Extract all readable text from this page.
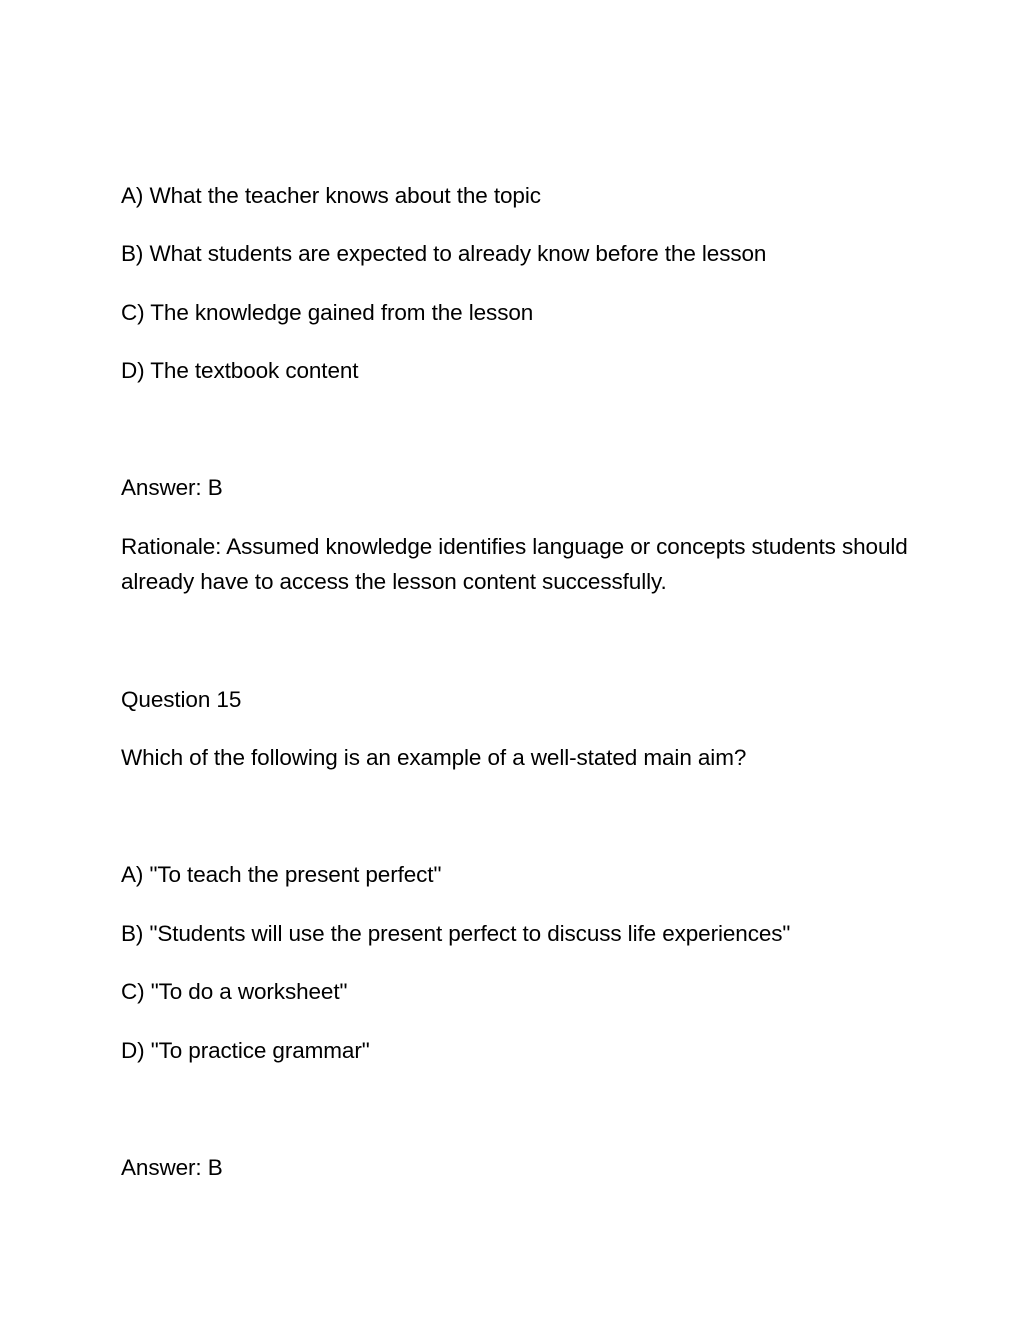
A) What the teacher knows about the topic
B) What students are expected to already know before the lesson
C) The knowledge gained from the lesson
D) The textbook content
Answer: B
Rationale: Assumed knowledge identifies language or concepts students should already have to access the lesson content successfully.
Question 15
Which of the following is an example of a well-stated main aim?
A) "To teach the present perfect"
B) "Students will use the present perfect to discuss life experiences"
C) "To do a worksheet"
D) "To practice grammar"
Answer: B
